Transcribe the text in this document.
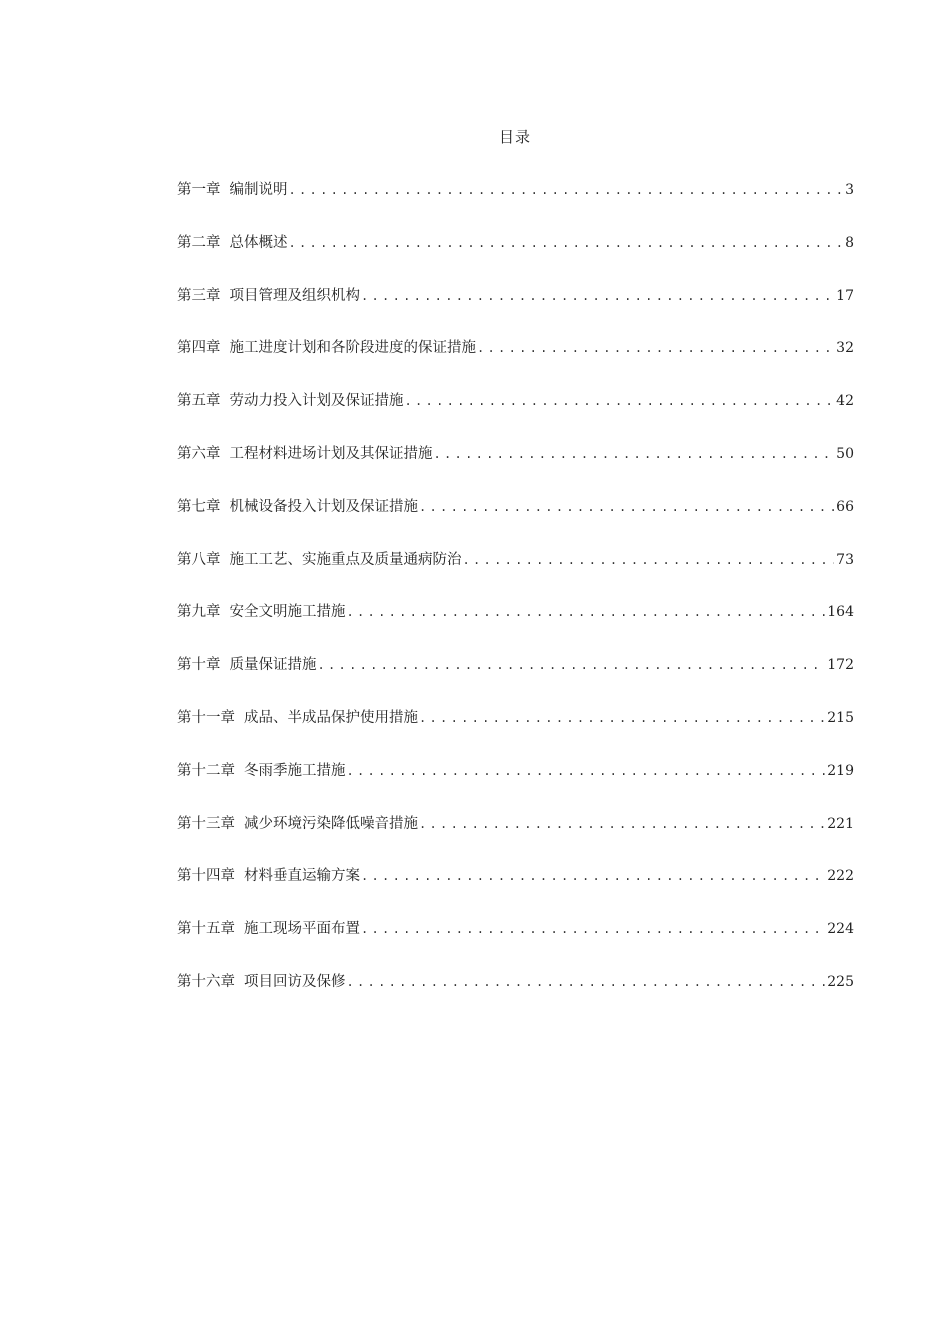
目录
第一章 编制说明 .....	3
第二章 总体概述 .....	8
第三章 项目管理及组织机构 .....	17
第四章 施工进度计划和各阶段进度的保证措施 .....	32
第五章 劳动力投入计划及保证措施 .....	42
第六章 工程材料进场计划及其保证措施 .....	50
第七章 机械设备投入计划及保证措施 .....	66
第八章 施工工艺、实施重点及质量通病防治 .....	73
第九章 安全文明施工措施 .....	164
第十章 质量保证措施 .....	172
第十一章 成品、半成品保护使用措施 .....	215
第十二章 冬雨季施工措施 .....	219
第十三章 减少环境污染降低噪音措施 .....	221
第十四章 材料垂直运输方案 .....	222
第十五章 施工现场平面布置 .....	224
第十六章 项目回访及保修 .....	225
